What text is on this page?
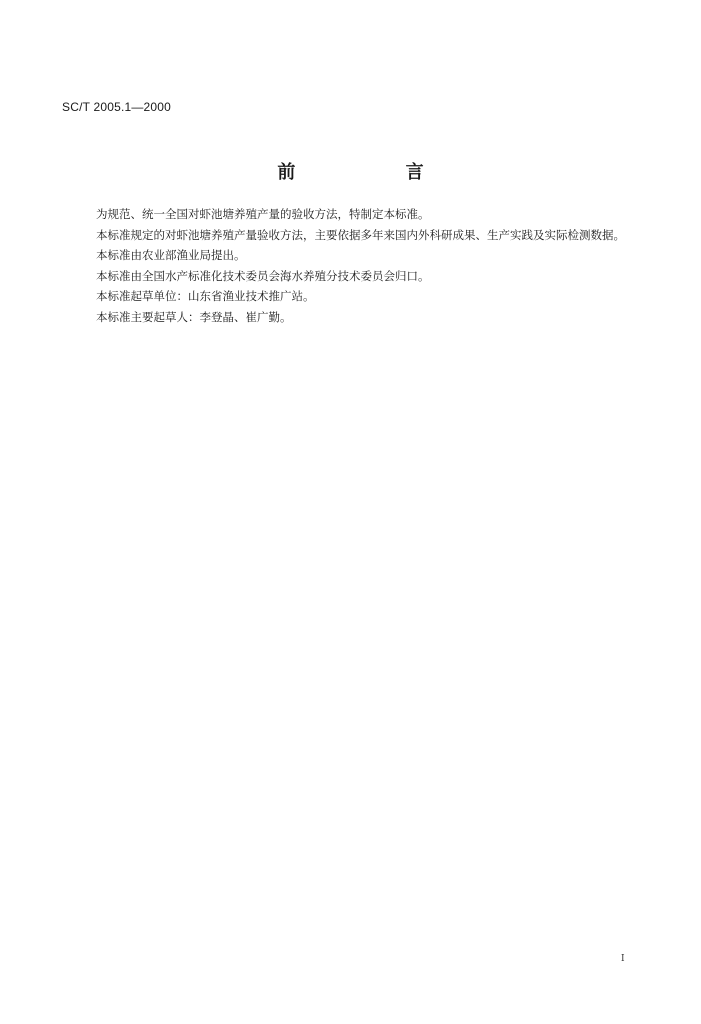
SC/T 2005.1—2000
前 言

为规范、统一全国对虾池塘养殖产量的验收方法，特制定本标准。

本标准规定的对虾池塘养殖产量验收方法，主要依据多年来国内外科研成果、生产实践及实际检测数据。

本标准由农业部渔业局提出。

本标准由全国水产标准化技术委员会海水养殖分技术委员会归口。

本标准起草单位：山东省渔业技术推广站。

本标准主要起草人：李登晶、崔广勤。

I
